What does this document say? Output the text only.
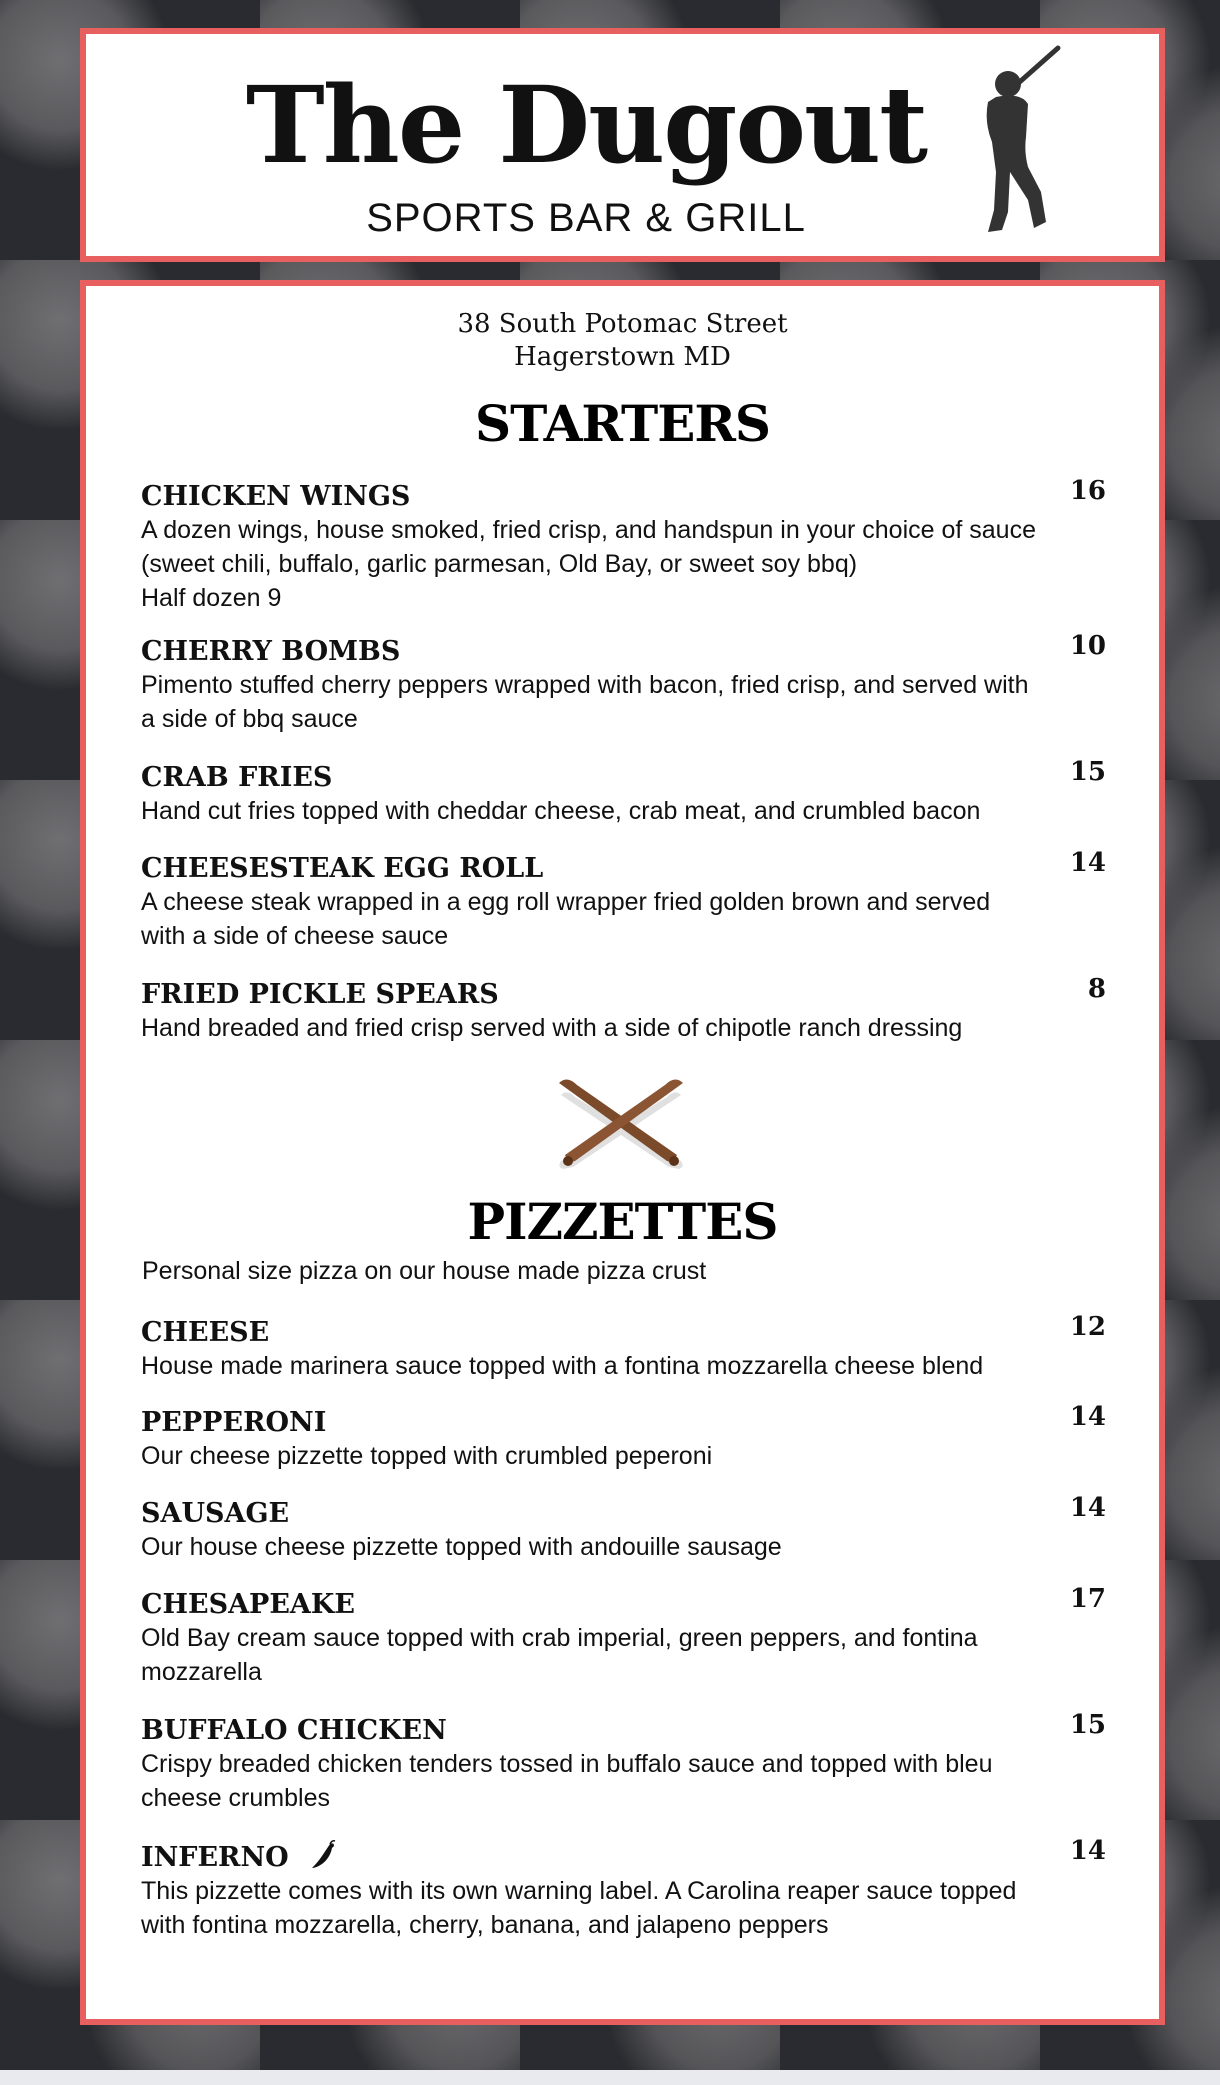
The Dugout
SPORTS BAR & GRILL
38 South Potomac Street
Hagerstown MD
STARTERS
CHICKEN WINGS	16
A dozen wings, house smoked, fried crisp, and handspun in your choice of sauce
(sweet chili, buffalo, garlic parmesan, Old Bay, or sweet soy bbq)
Half dozen 9
CHERRY BOMBS	10
Pimento stuffed cherry peppers wrapped with bacon, fried crisp, and served with
a side of bbq sauce
CRAB FRIES	15
Hand cut fries topped with cheddar cheese, crab meat, and crumbled bacon
CHEESESTEAK EGG ROLL	14
A cheese steak wrapped in a egg roll wrapper fried golden brown and served
with a side of cheese sauce
FRIED PICKLE SPEARS	8
Hand breaded and fried crisp served with a side of chipotle ranch dressing
PIZZETTES
Personal size pizza on our house made pizza crust
CHEESE	12
House made marinera sauce topped with a fontina mozzarella cheese blend
PEPPERONI	14
Our cheese pizzette topped with crumbled peperoni
SAUSAGE	14
Our house cheese pizzette topped with andouille sausage
CHESAPEAKE	17
Old Bay cream sauce topped with crab imperial, green peppers, and fontina
mozzarella
BUFFALO CHICKEN	15
Crispy breaded chicken tenders tossed in buffalo sauce and topped with bleu
cheese crumbles
INFERNO	14
This pizzette comes with its own warning label. A Carolina reaper sauce topped
with fontina mozzarella, cherry, banana, and jalapeno peppers
